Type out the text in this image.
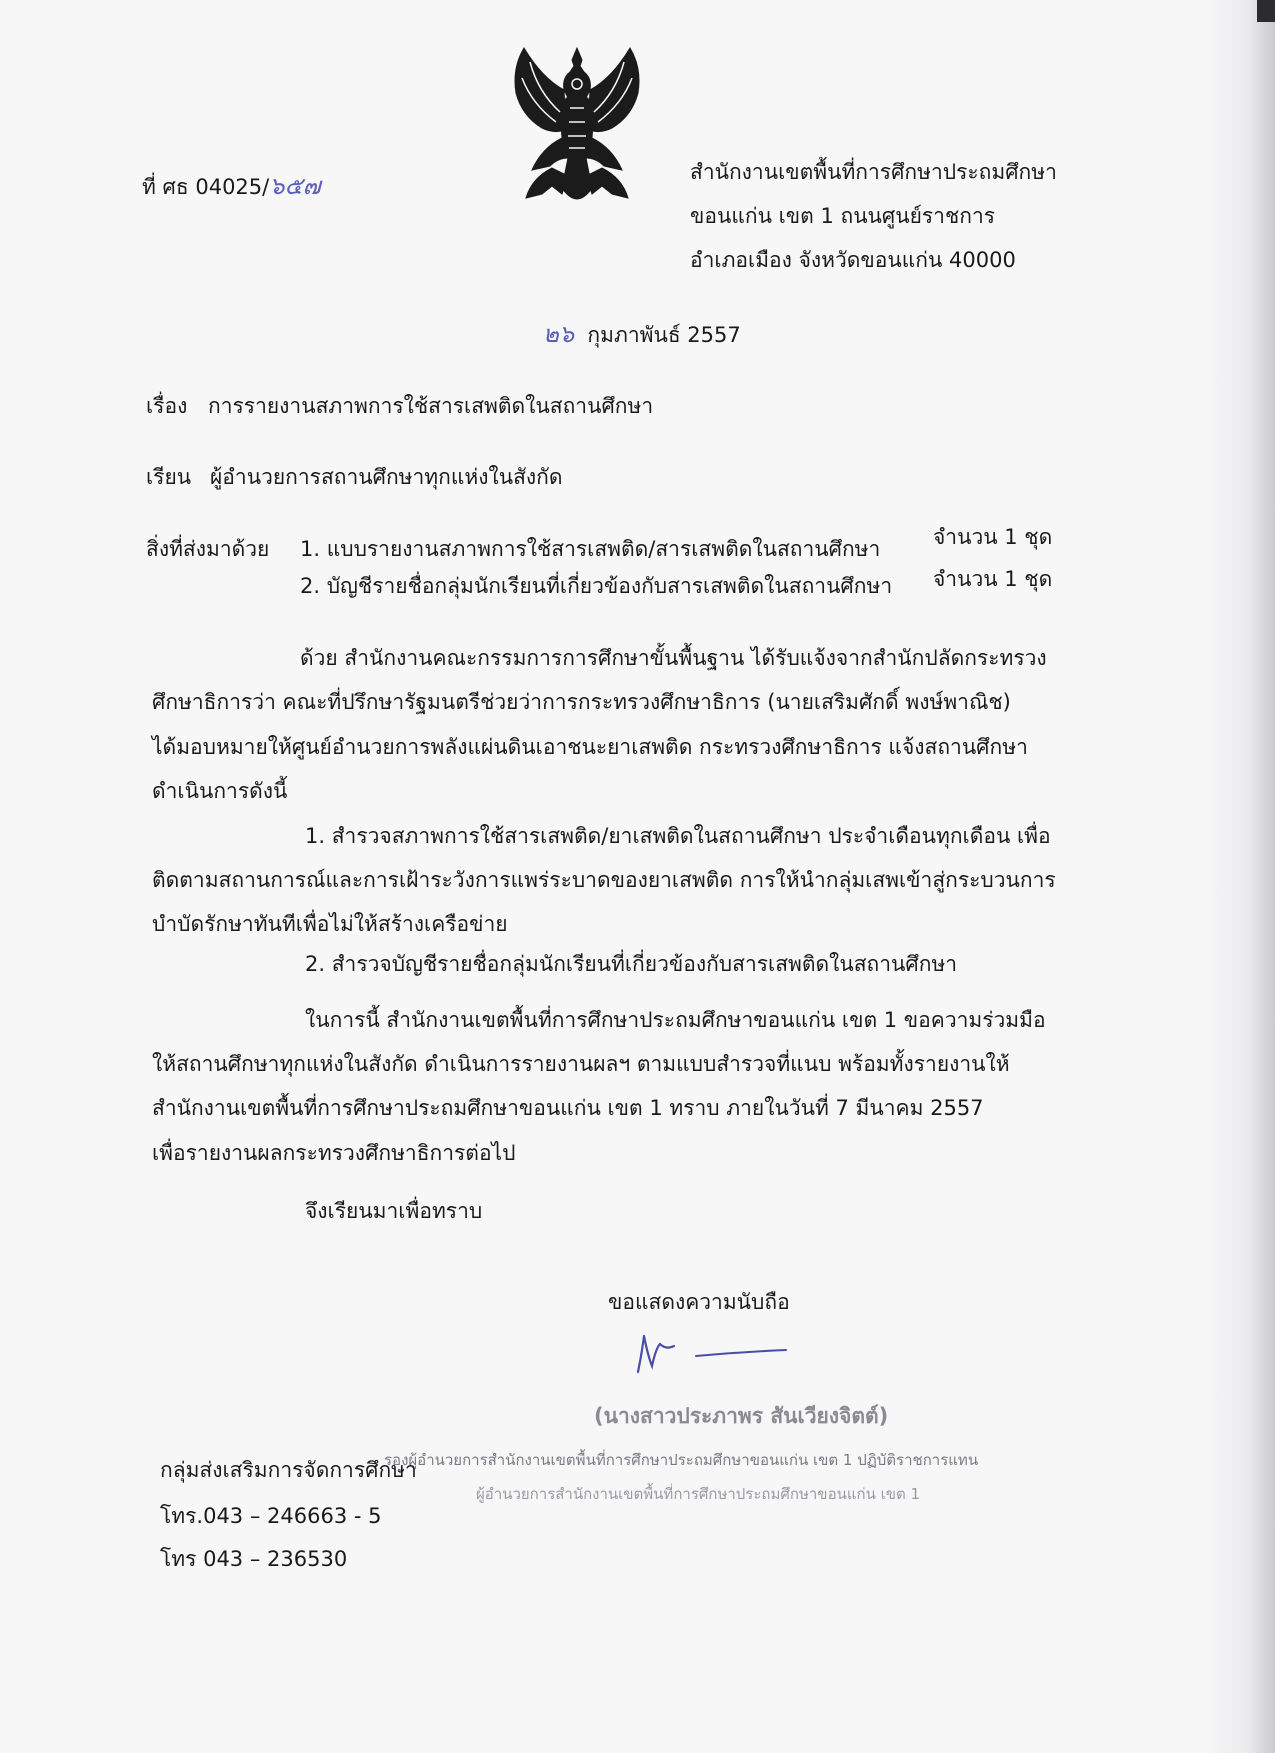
ที่ ศธ 04025/๖๕๗	สำนักงานเขตพื้นที่การศึกษาประถมศึกษา
ขอนแก่น เขต 1 ถนนศูนย์ราชการ
อำเภอเมือง จังหวัดขอนแก่น 40000
๒๖ กุมภาพันธ์ 2557
เรื่อง การรายงานสภาพการใช้สารเสพติดในสถานศึกษา
เรียน ผู้อำนวยการสถานศึกษาทุกแห่งในสังกัด
สิ่งที่ส่งมาด้วย 1. แบบรายงานสภาพการใช้สารเสพติด/สารเสพติดในสถานศึกษา	จำนวน 1 ชุด
2. บัญชีรายชื่อกลุ่มนักเรียนที่เกี่ยวข้องกับสารเสพติดในสถานศึกษา จำนวน 1 ชุด
ด้วย สำนักงานคณะกรรมการการศึกษาขั้นพื้นฐาน ได้รับแจ้งจากสำนักปลัดกระทรวง
ศึกษาธิการว่า คณะที่ปรึกษารัฐมนตรีช่วยว่าการกระทรวงศึกษาธิการ (นายเสริมศักดิ์ พงษ์พาณิช)
ได้มอบหมายให้ศูนย์อำนวยการพลังแผ่นดินเอาชนะยาเสพติด กระทรวงศึกษาธิการ แจ้งสถานศึกษา
ดำเนินการดังนี้
1. สำรวจสภาพการใช้สารเสพติด/ยาเสพติดในสถานศึกษา ประจำเดือนทุกเดือน เพื่อ
ติดตามสถานการณ์และการเฝ้าระวังการแพร่ระบาดของยาเสพติด การให้นำกลุ่มเสพเข้าสู่กระบวนการ
บำบัดรักษาทันทีเพื่อไม่ให้สร้างเครือข่าย
2. สำรวจบัญชีรายชื่อกลุ่มนักเรียนที่เกี่ยวข้องกับสารเสพติดในสถานศึกษา
ในการนี้ สำนักงานเขตพื้นที่การศึกษาประถมศึกษาขอนแก่น เขต 1 ขอความร่วมมือ
ให้สถานศึกษาทุกแห่งในสังกัด ดำเนินการรายงานผลฯ ตามแบบสำรวจที่แนบ พร้อมทั้งรายงานให้
สำนักงานเขตพื้นที่การศึกษาประถมศึกษาขอนแก่น เขต 1 ทราบ ภายในวันที่ 7 มีนาคม 2557
เพื่อรายงานผลกระทรวงศึกษาธิการต่อไป
จึงเรียนมาเพื่อทราบ
ขอแสดงความนับถือ
(นางสาวประภาพร สันเวียงจิตต์)
รองผู้อำนวยการสำนักงานเขตพื้นที่การศึกษาประถมศึกษาขอนแก่น เขต 1 ปฏิบัติราชการแทน
ผู้อำนวยการสำนักงานเขตพื้นที่การศึกษาประถมศึกษาขอนแก่น เขต 1
กลุ่มส่งเสริมการจัดการศึกษา
โทร.043 – 246663 - 5
โทร 043 – 236530
